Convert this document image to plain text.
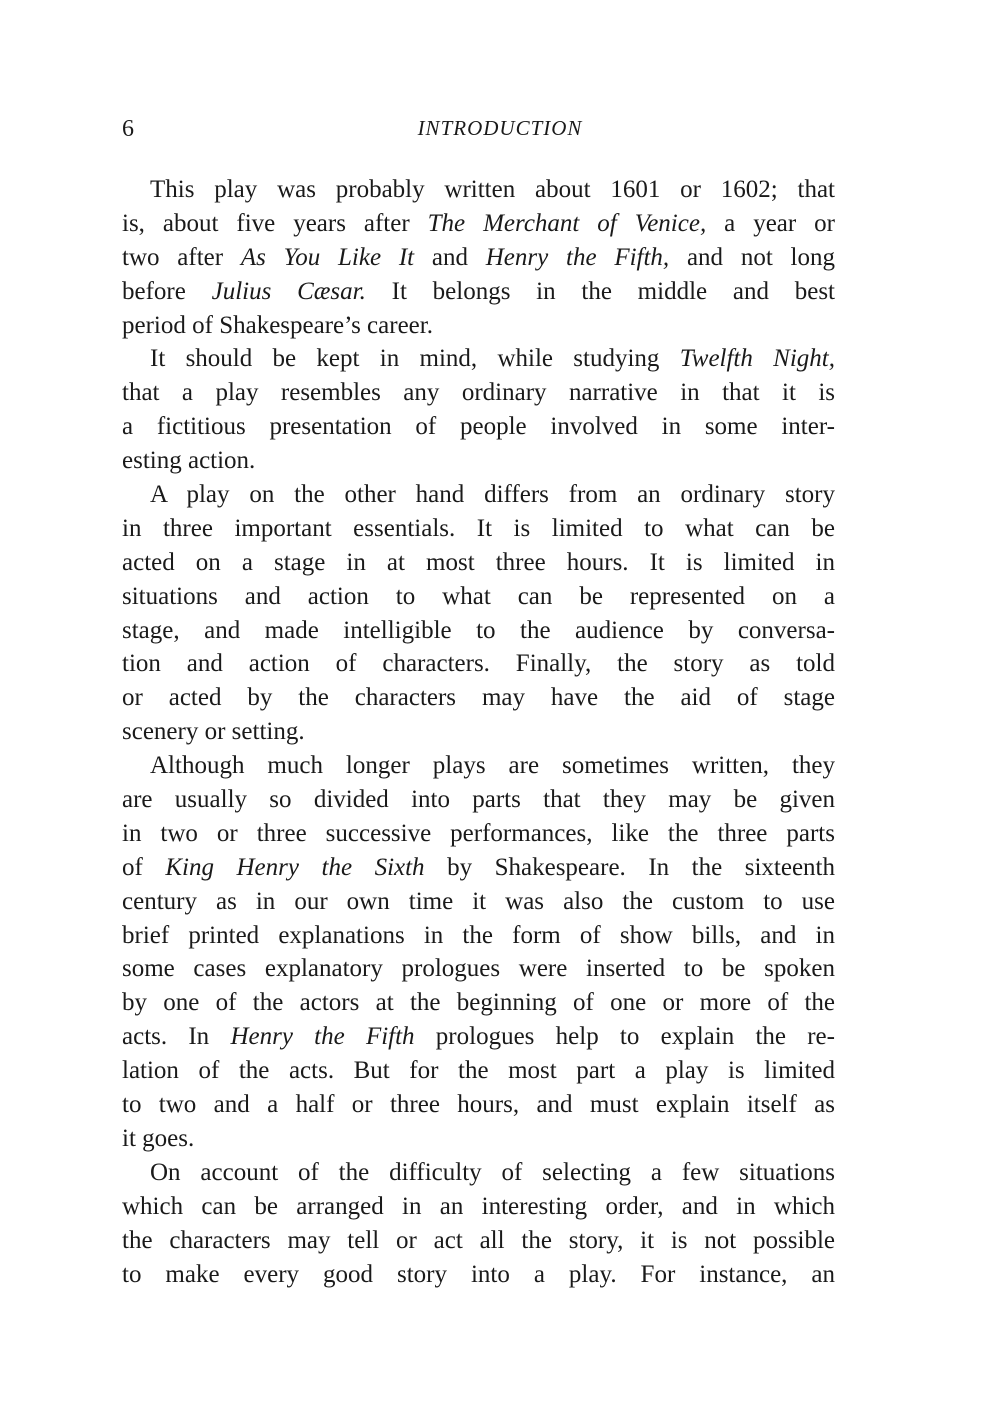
6	INTRODUCTION
This play was probably written about 1601 or 1602; that
is, about five years after The Merchant of Venice, a year or
two after As You Like It and Henry the Fifth, and not long
before Julius Cæsar. It belongs in the middle and best
period of Shakespeare’s career.
It should be kept in mind, while studying Twelfth Night,
that a play resembles any ordinary narrative in that it is
a fictitious presentation of people involved in some inter-
esting action.
A play on the other hand differs from an ordinary story
in three important essentials. It is limited to what can be
acted on a stage in at most three hours. It is limited in
situations and action to what can be represented on a
stage, and made intelligible to the audience by conversa-
tion and action of characters. Finally, the story as told
or acted by the characters may have the aid of stage
scenery or setting.
Although much longer plays are sometimes written, they
are usually so divided into parts that they may be given
in two or three successive performances, like the three parts
of King Henry the Sixth by Shakespeare. In the sixteenth
century as in our own time it was also the custom to use
brief printed explanations in the form of show bills, and in
some cases explanatory prologues were inserted to be spoken
by one of the actors at the beginning of one or more of the
acts. In Henry the Fifth prologues help to explain the re-
lation of the acts. But for the most part a play is limited
to two and a half or three hours, and must explain itself as
it goes.
On account of the difficulty of selecting a few situations
which can be arranged in an interesting order, and in which
the characters may tell or act all the story, it is not possible
to make every good story into a play. For instance, an
